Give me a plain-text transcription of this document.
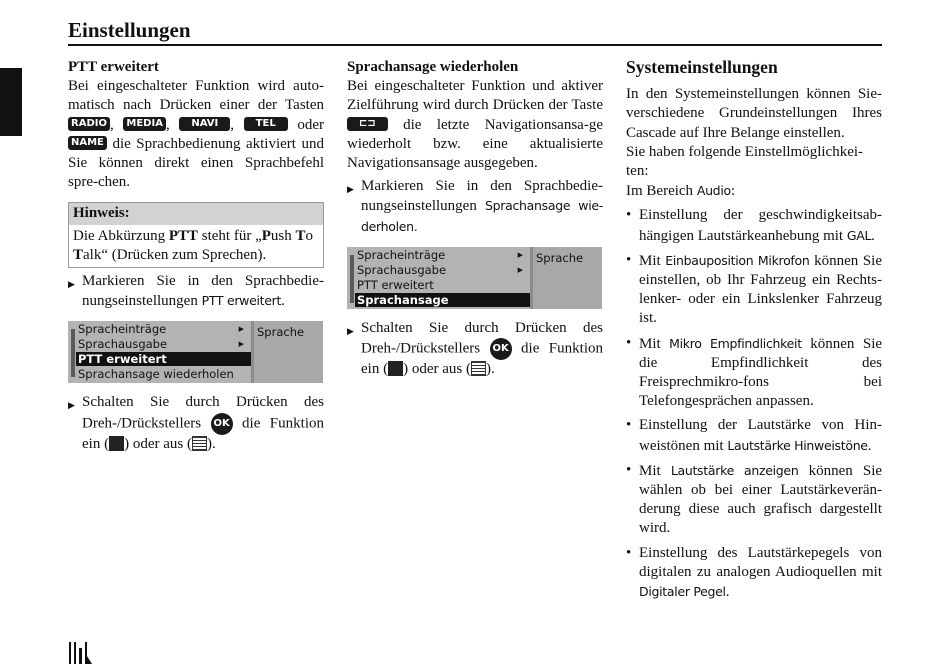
Einstellungen

PTT erweitert

Bei eingeschalteter Funktion wird auto-matisch nach Drücken einer der Tasten RADIO , MEDIA , NAVI , TEL oder NAME die Sprachbedienung aktiviert und Sie können direkt einen Sprachbefehl spre-chen.

Hinweis:
Die Abkürzung PTT steht für „Push To Talk“ (Drücken zum Sprechen).
▶ Markieren Sie in den Sprachbedie-nungseinstellungen PTT erweitert.
Spracheinträge	▶
Sprachausgabe	▶
PTT erweitert
Sprachansage wiederholen
Sprache
▶ Schalten Sie durch Drücken des Dreh-/Drückstellers OK die Funktion ein ( ) oder aus ( ).

Sprachansage wiederholen

Bei eingeschalteter Funktion und aktiver Zielführung wird durch Drücken der Taste ⊏⊐ die letzte Navigationsansa-ge wiederholt bzw. eine aktualisierte Navigationsansage ausgegeben.

▶ Markieren Sie in den Sprachbedie-nungseinstellungen Sprachansage wie-derholen.
Spracheinträge	▶
Sprachausgabe	▶
PTT erweitert
Sprachansage wiederholen
Sprache
▶ Schalten Sie durch Drücken des Dreh-/Drückstellers OK die Funktion ein ( ) oder aus ( ).

Systemeinstellungen

In den Systemeinstellungen können Sie-verschiedene Grundeinstellungen Ihres Cascade auf Ihre Belange einstellen.

Sie haben folgende Einstellmöglichkei-ten:

Im Bereich Audio:

• Einstellung der geschwindigkeitsab-hängigen Lautstärkeanhebung mit GAL.
• Mit Einbauposition Mikrofon können Sie einstellen, ob Ihr Fahrzeug ein Rechts-lenker- oder ein Linkslenker Fahrzeug ist.
• Mit Mikro Empfindlichkeit können Sie die Empfindlichkeit des Freisprechmikro-fons bei Telefongesprächen anpassen.
• Einstellung der Lautstärke von Hin-weistönen mit Lautstärke Hinweistöne.
• Mit Lautstärke anzeigen können Sie wählen ob bei einer Lautstärkeverän-derung diese auch grafisch dargestellt wird.
• Einstellung des Lautstärkepegels von digitalen zu analogen Audioquellen mit Digitaler Pegel.
